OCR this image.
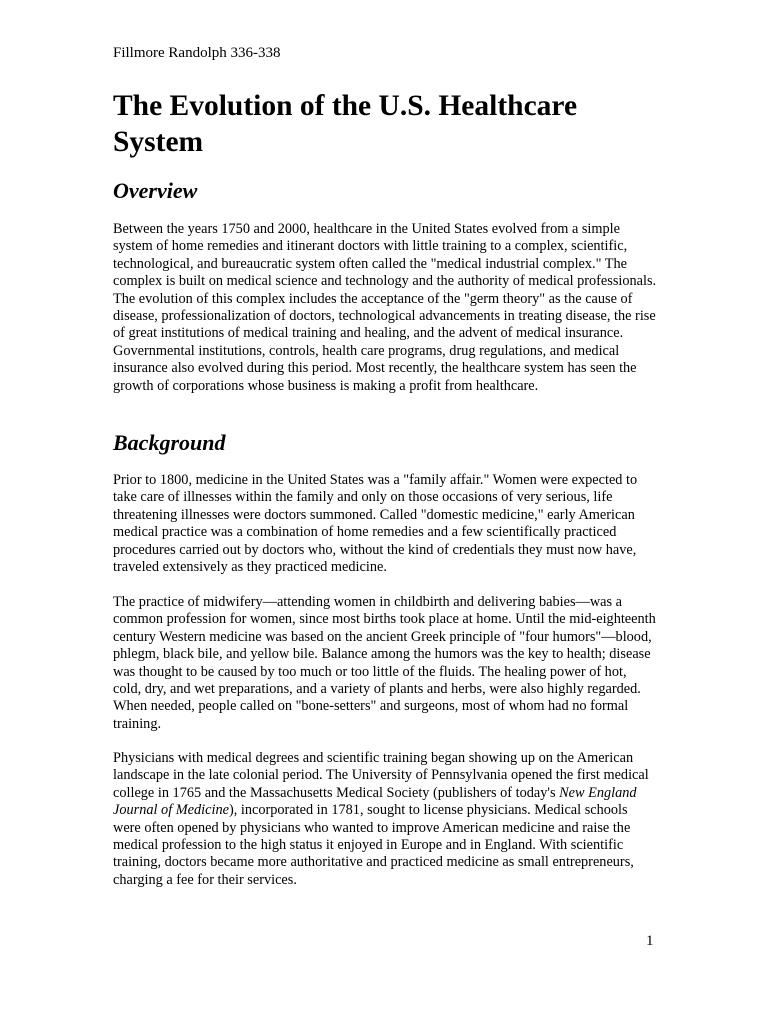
Fillmore Randolph 336-338
The Evolution of the U.S. Healthcare System
Overview

Between the years 1750 and 2000, healthcare in the United States evolved from a simple system of home remedies and itinerant doctors with little training to a complex, scientific, technological, and bureaucratic system often called the "medical industrial complex." The complex is built on medical science and technology and the authority of medical professionals. The evolution of this complex includes the acceptance of the "germ theory" as the cause of disease, professionalization of doctors, technological advancements in treating disease, the rise of great institutions of medical training and healing, and the advent of medical insurance. Governmental institutions, controls, health care programs, drug regulations, and medical insurance also evolved during this period. Most recently, the healthcare system has seen the growth of corporations whose business is making a profit from healthcare.

Background

Prior to 1800, medicine in the United States was a "family affair." Women were expected to take care of illnesses within the family and only on those occasions of very serious, life threatening illnesses were doctors summoned. Called "domestic medicine," early American medical practice was a combination of home remedies and a few scientifically practiced procedures carried out by doctors who, without the kind of credentials they must now have, traveled extensively as they practiced medicine.

The practice of midwifery—attending women in childbirth and delivering babies—was a common profession for women, since most births took place at home. Until the mid-eighteenth century Western medicine was based on the ancient Greek principle of "four humors"—blood, phlegm, black bile, and yellow bile. Balance among the humors was the key to health; disease was thought to be caused by too much or too little of the fluids. The healing power of hot, cold, dry, and wet preparations, and a variety of plants and herbs, were also highly regarded. When needed, people called on "bone-setters" and surgeons, most of whom had no formal training.

Physicians with medical degrees and scientific training began showing up on the American landscape in the late colonial period. The University of Pennsylvania opened the first medical college in 1765 and the Massachusetts Medical Society (publishers of today's New England Journal of Medicine), incorporated in 1781, sought to license physicians. Medical schools were often opened by physicians who wanted to improve American medicine and raise the medical profession to the high status it enjoyed in Europe and in England. With scientific training, doctors became more authoritative and practiced medicine as small entrepreneurs, charging a fee for their services.

1
